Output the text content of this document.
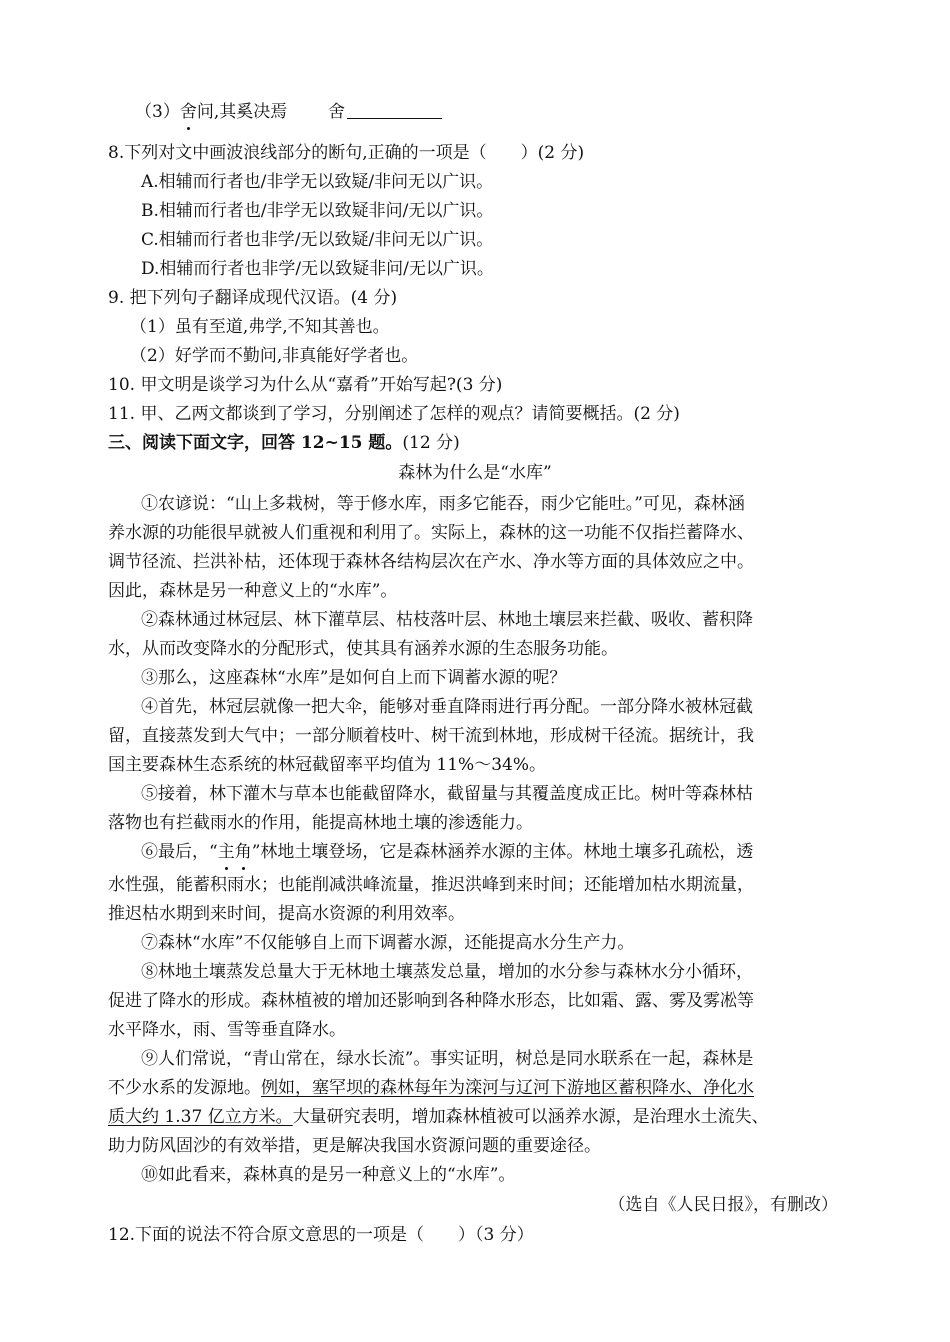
（3）舍问,其奚决焉 舍
8.下列对文中画波浪线部分的断句,正确的一项是（　　）(2 分)
A.相辅而行者也/非学无以致疑/非问无以广识。
B.相辅而行者也/非学无以致疑非问/无以广识。
C.相辅而行者也非学/无以致疑/非问无以广识。
D.相辅而行者也非学/无以致疑非问/无以广识。
9. 把下列句子翻译成现代汉语。(4 分)
（1）虽有至道,弗学,不知其善也。
（2）好学而不勤问,非真能好学者也。
10. 甲文明是谈学习为什么从“嘉肴”开始写起?(3 分)
11. 甲、乙两文都谈到了学习，分别阐述了怎样的观点？请简要概括。(2 分)
三、阅读下面文字，回答 12~15 题。(12 分)
森林为什么是“水库”
①农谚说：“山上多栽树，等于修水库，雨多它能吞，雨少它能吐。”可见，森林涵
养水源的功能很早就被人们重视和利用了。实际上，森林的这一功能不仅指拦蓄降水、
调节径流、拦洪补枯，还体现于森林各结构层次在产水、净水等方面的具体效应之中。
因此，森林是另一种意义上的“水库”。
②森林通过林冠层、林下灌草层、枯枝落叶层、林地土壤层来拦截、吸收、蓄积降
水，从而改变降水的分配形式，使其具有涵养水源的生态服务功能。
③那么，这座森林“水库”是如何自上而下调蓄水源的呢？
④首先，林冠层就像一把大伞，能够对垂直降雨进行再分配。一部分降水被林冠截
留，直接蒸发到大气中；一部分顺着枝叶、树干流到林地，形成树干径流。据统计，我
国主要森林生态系统的林冠截留率平均值为 11%～34%。
⑤接着，林下灌木与草本也能截留降水，截留量与其覆盖度成正比。树叶等森林枯
落物也有拦截雨水的作用，能提高林地土壤的渗透能力。
⑥最后，“主角”林地土壤登场，它是森林涵养水源的主体。林地土壤多孔疏松，透
水性强，能蓄积雨水；也能削减洪峰流量，推迟洪峰到来时间；还能增加枯水期流量，
推迟枯水期到来时间，提高水资源的利用效率。
⑦森林“水库”不仅能够自上而下调蓄水源，还能提高水分生产力。
⑧林地土壤蒸发总量大于无林地土壤蒸发总量，增加的水分参与森林水分小循环，
促进了降水的形成。森林植被的增加还影响到各种降水形态，比如霜、露、雾及雾凇等
水平降水，雨、雪等垂直降水。
⑨人们常说，“青山常在，绿水长流”。事实证明，树总是同水联系在一起，森林是
不少水系的发源地。例如，塞罕坝的森林每年为滦河与辽河下游地区蓄积降水、净化水
质大约 1.37 亿立方米。大量研究表明，增加森林植被可以涵养水源，是治理水土流失、
助力防风固沙的有效举措，更是解决我国水资源问题的重要途径。
⑩如此看来，森林真的是另一种意义上的“水库”。
（选自《人民日报》，有删改）
12.下面的说法不符合原文意思的一项是（　　）（3 分）
